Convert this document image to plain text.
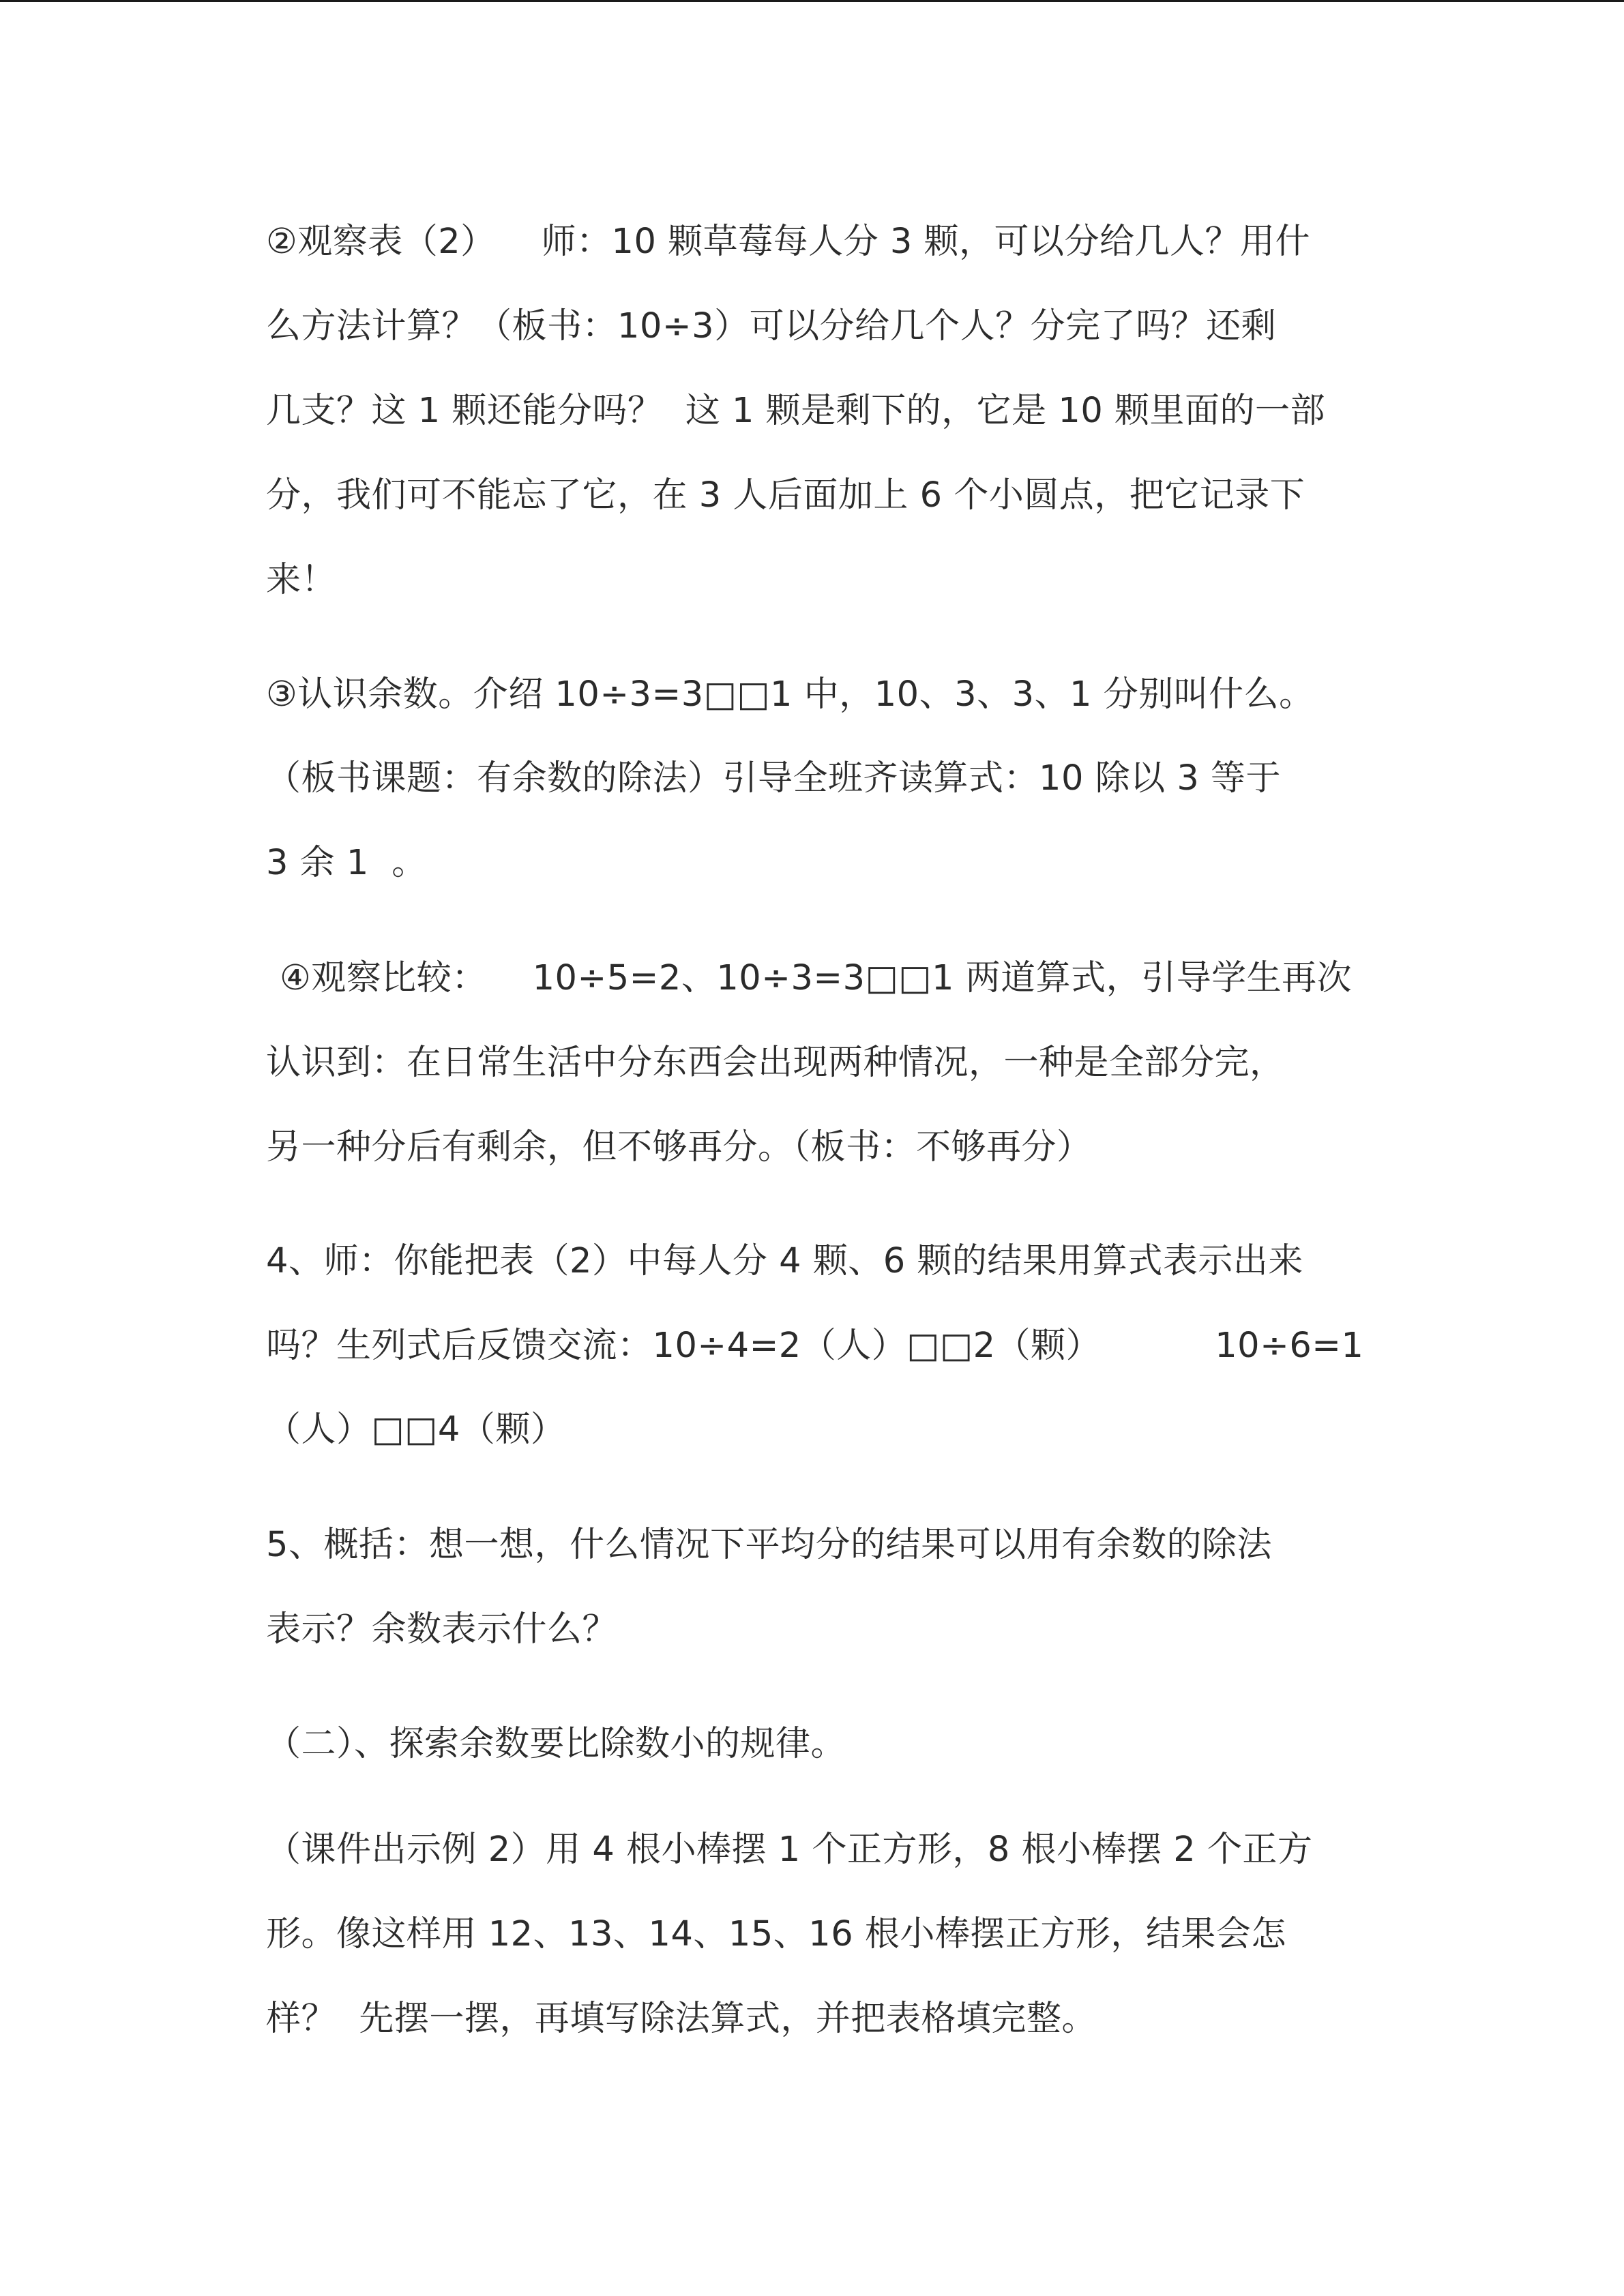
②观察表（2）    师：10 颗草莓每人分 3 颗，可以分给几人？用什
么方法计算？（板书：10÷3）可以分给几个人？分完了吗？还剩
几支？这 1 颗还能分吗？  这 1 颗是剩下的，它是 10 颗里面的一部
分，我们可不能忘了它，在 3 人后面加上 6 个小圆点，把它记录下
来！
③认识余数。介绍 10÷3=3□□1 中，10、3、3、1 分别叫什么。
（板书课题：有余数的除法）引导全班齐读算式：10 除以 3 等于
3 余 1  。
④观察比较：    10÷5=2、10÷3=3□□1 两道算式，引导学生再次
认识到：在日常生活中分东西会出现两种情况，一种是全部分完，
另一种分后有剩余，但不够再分。（板书：不够再分）
4、师：你能把表（2）中每人分 4 颗、6 颗的结果用算式表示出来
吗？生列式后反馈交流：10÷4=2（人）□□2（颗）          10÷6=1
（人）□□4（颗）
5、概括：想一想，什么情况下平均分的结果可以用有余数的除法
表示？余数表示什么？
（二）、探索余数要比除数小的规律。
（课件出示例 2）用 4 根小棒摆 1 个正方形，8 根小棒摆 2 个正方
形。像这样用 12、13、14、15、16 根小棒摆正方形，结果会怎
样？  先摆一摆，再填写除法算式，并把表格填完整。
